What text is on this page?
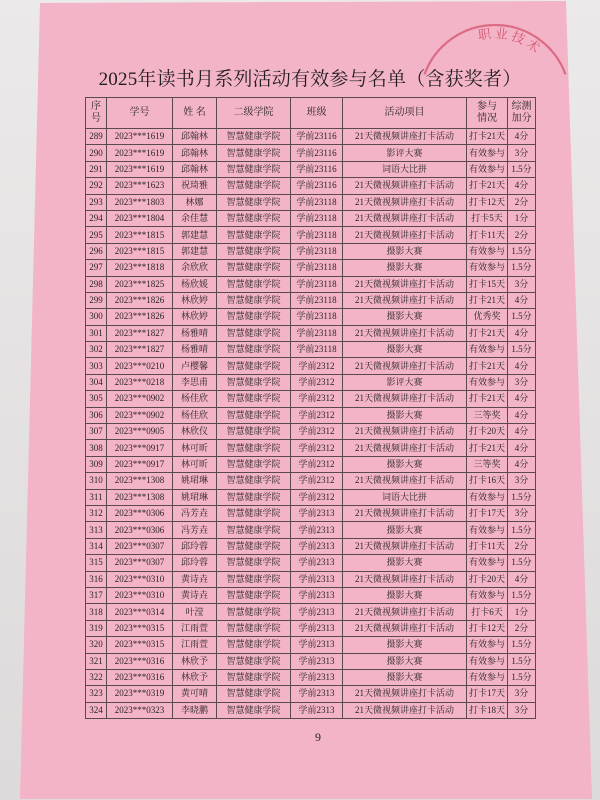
2025年读书月系列活动有效参与名单（含获奖者）
序
号	学号	姓 名	二级学院	班级	活动项目	参与
情况	综测
加分
289	2023***1619	邱翰林	智慧健康学院	学前23116	21天微视频讲座打卡活动	打卡21天	4分
290	2023***1619	邱翰林	智慧健康学院	学前23116	影评大赛	有效参与	3分
291	2023***1619	邱翰林	智慧健康学院	学前23116	词语大比拼	有效参与	1.5分
292	2023***1623	祝琦雅	智慧健康学院	学前23116	21天微视频讲座打卡活动	打卡21天	4分
293	2023***1803	林娜	智慧健康学院	学前23118	21天微视频讲座打卡活动	打卡12天	2分
294	2023***1804	余佳慧	智慧健康学院	学前23118	21天微视频讲座打卡活动	打卡5天	1分
295	2023***1815	郭建慧	智慧健康学院	学前23118	21天微视频讲座打卡活动	打卡11天	2分
296	2023***1815	郭建慧	智慧健康学院	学前23118	摄影大赛	有效参与	1.5分
297	2023***1818	余欣欣	智慧健康学院	学前23118	摄影大赛	有效参与	1.5分
298	2023***1825	杨欣媛	智慧健康学院	学前23118	21天微视频讲座打卡活动	打卡15天	3分
299	2023***1826	林欣婷	智慧健康学院	学前23118	21天微视频讲座打卡活动	打卡21天	4分
300	2023***1826	林欣婷	智慧健康学院	学前23118	摄影大赛	优秀奖	1.5分
301	2023***1827	杨雅晴	智慧健康学院	学前23118	21天微视频讲座打卡活动	打卡21天	4分
302	2023***1827	杨雅晴	智慧健康学院	学前23118	摄影大赛	有效参与	1.5分
303	2023***0210	卢樱馨	智慧健康学院	学前2312	21天微视频讲座打卡活动	打卡21天	4分
304	2023***0218	李思甫	智慧健康学院	学前2312	影评大赛	有效参与	3分
305	2023***0902	杨佳欣	智慧健康学院	学前2312	21天微视频讲座打卡活动	打卡21天	4分
306	2023***0902	杨佳欣	智慧健康学院	学前2312	摄影大赛	三等奖	4分
307	2023***0905	林欣仪	智慧健康学院	学前2312	21天微视频讲座打卡活动	打卡20天	4分
308	2023***0917	林可昕	智慧健康学院	学前2312	21天微视频讲座打卡活动	打卡21天	4分
309	2023***0917	林可昕	智慧健康学院	学前2312	摄影大赛	三等奖	4分
310	2023***1308	姚珺琳	智慧健康学院	学前2312	21天微视频讲座打卡活动	打卡16天	3分
311	2023***1308	姚珺琳	智慧健康学院	学前2312	词语大比拼	有效参与	1.5分
312	2023***0306	冯芳垚	智慧健康学院	学前2313	21天微视频讲座打卡活动	打卡17天	3分
313	2023***0306	冯芳垚	智慧健康学院	学前2313	摄影大赛	有效参与	1.5分
314	2023***0307	邱玲蓉	智慧健康学院	学前2313	21天微视频讲座打卡活动	打卡11天	2分
315	2023***0307	邱玲蓉	智慧健康学院	学前2313	摄影大赛	有效参与	1.5分
316	2023***0310	黄诗垚	智慧健康学院	学前2313	21天微视频讲座打卡活动	打卡20天	4分
317	2023***0310	黄诗垚	智慧健康学院	学前2313	摄影大赛	有效参与	1.5分
318	2023***0314	叶滢	智慧健康学院	学前2313	21天微视频讲座打卡活动	打卡6天	1分
319	2023***0315	江雨萱	智慧健康学院	学前2313	21天微视频讲座打卡活动	打卡12天	2分
320	2023***0315	江雨萱	智慧健康学院	学前2313	摄影大赛	有效参与	1.5分
321	2023***0316	林欣予	智慧健康学院	学前2313	摄影大赛	有效参与	1.5分
322	2023***0316	林欣予	智慧健康学院	学前2313	摄影大赛	有效参与	1.5分
323	2023***0319	黄可晴	智慧健康学院	学前2313	21天微视频讲座打卡活动	打卡17天	3分
324	2023***0323	李晓鹏	智慧健康学院	学前2313	21天微视频讲座打卡活动	打卡18天	3分
职业技术
9
